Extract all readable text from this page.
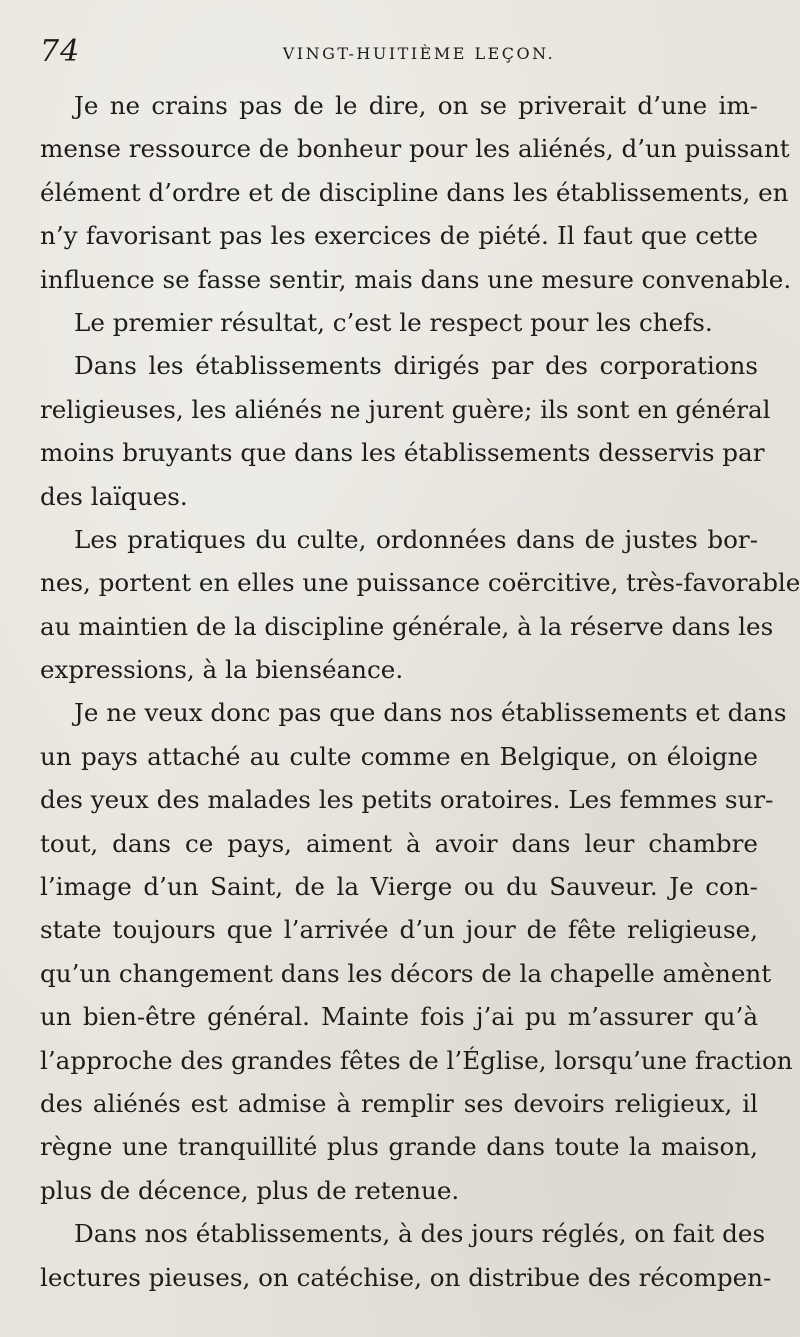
74	VINGT-HUITIÈME LEÇON.

Je ne crains pas de le dire, on se priverait d’une im-
mense ressource de bonheur pour les aliénés, d’un puissant
élément d’ordre et de discipline dans les établissements, en
n’y favorisant pas les exercices de piété. Il faut que cette
influence se fasse sentir, mais dans une mesure convenable.

Le premier résultat, c’est le respect pour les chefs.

Dans les établissements dirigés par des corporations
religieuses, les aliénés ne jurent guère; ils sont en général
moins bruyants que dans les établissements desservis par
des laïques.

Les pratiques du culte, ordonnées dans de justes bor-
nes, portent en elles une puissance coërcitive, très-favorable
au maintien de la discipline générale, à la réserve dans les
expressions, à la bienséance.

Je ne veux donc pas que dans nos établissements et dans
un pays attaché au culte comme en Belgique, on éloigne
des yeux des malades les petits oratoires. Les femmes sur-
tout, dans ce pays, aiment à avoir dans leur chambre
l’image d’un Saint, de la Vierge ou du Sauveur. Je con-
state toujours que l’arrivée d’un jour de fête religieuse,
qu’un changement dans les décors de la chapelle amènent
un bien-être général. Mainte fois j’ai pu m’assurer qu’à
l’approche des grandes fêtes de l’Église, lorsqu’une fraction
des aliénés est admise à remplir ses devoirs religieux, il
règne une tranquillité plus grande dans toute la maison,
plus de décence, plus de retenue.

Dans nos établissements, à des jours réglés, on fait des
lectures pieuses, on catéchise, on distribue des récompen-
